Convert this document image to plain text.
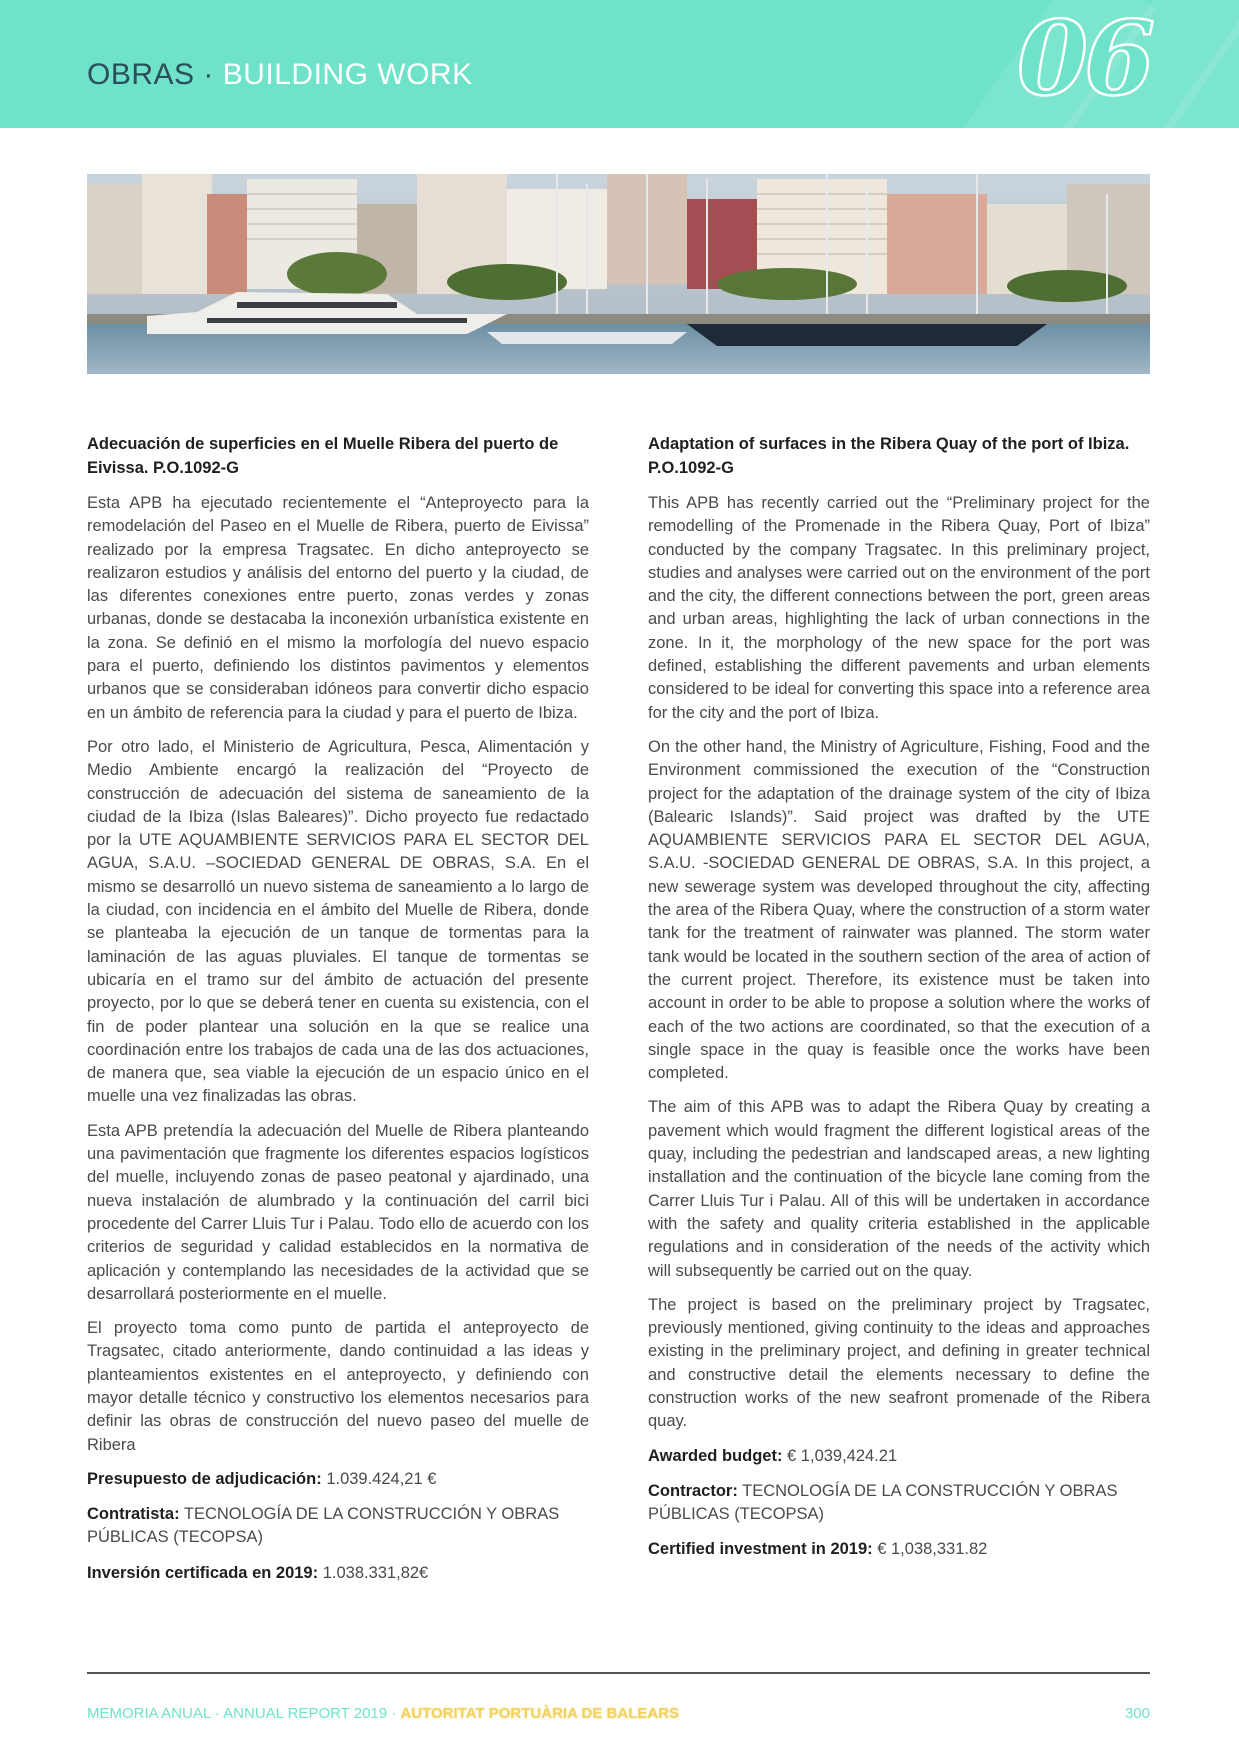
OBRAS · BUILDING WORK	06
Adecuación de superficies en el Muelle Ribera del puerto de Eivissa. P.O.1092-G

Esta APB ha ejecutado recientemente el “Anteproyecto para la remodelación del Paseo en el Muelle de Ribera, puerto de Eivissa” realizado por la empresa Tragsatec. En dicho anteproyecto se realizaron estudios y análisis del entorno del puerto y la ciudad, de las diferentes conexiones entre puerto, zonas verdes y zonas urbanas, donde se destacaba la inconexión urbanística existente en la zona. Se definió en el mismo la morfología del nuevo espacio para el puerto, definiendo los distintos pavimentos y elementos urbanos que se consideraban idóneos para convertir dicho espacio en un ámbito de referencia para la ciudad y para el puerto de Ibiza.

Por otro lado, el Ministerio de Agricultura, Pesca, Alimentación y Medio Ambiente encargó la realización del “Proyecto de construcción de adecuación del sistema de saneamiento de la ciudad de la Ibiza (Islas Baleares)”. Dicho proyecto fue redactado por la UTE AQUAMBIENTE SERVICIOS PARA EL SECTOR DEL AGUA, S.A.U. –SOCIEDAD GENERAL DE OBRAS, S.A. En el mismo se desarrolló un nuevo sistema de saneamiento a lo largo de la ciudad, con incidencia en el ámbito del Muelle de Ribera, donde se planteaba la ejecución de un tanque de tormentas para la laminación de las aguas pluviales. El tanque de tormentas se ubicaría en el tramo sur del ámbito de actuación del presente proyecto, por lo que se deberá tener en cuenta su existencia, con el fin de poder plantear una solución en la que se realice una coordinación entre los trabajos de cada una de las dos actuaciones, de manera que, sea viable la ejecución de un espacio único en el muelle una vez finalizadas las obras.

Esta APB pretendía la adecuación del Muelle de Ribera planteando una pavimentación que fragmente los diferentes espacios logísticos del muelle, incluyendo zonas de paseo peatonal y ajardinado, una nueva instalación de alumbrado y la continuación del carril bici procedente del Carrer Lluis Tur i Palau. Todo ello de acuerdo con los criterios de seguridad y calidad establecidos en la normativa de aplicación y contemplando las necesidades de la actividad que se desarrollará posteriormente en el muelle.

El proyecto toma como punto de partida el anteproyecto de Tragsatec, citado anteriormente, dando continuidad a las ideas y planteamientos existentes en el anteproyecto, y definiendo con mayor detalle técnico y constructivo los elementos necesarios para definir las obras de construcción del nuevo paseo del muelle de Ribera

Presupuesto de adjudicación: 1.039.424,21 €

Contratista: TECNOLOGÍA DE LA CONSTRUCCIÓN Y OBRAS PÚBLICAS (TECOPSA)

Inversión certificada en 2019: 1.038.331,82€

Adaptation of surfaces in the Ribera Quay of the port of Ibiza. P.O.1092-G

This APB has recently carried out the “Preliminary project for the remodelling of the Promenade in the Ribera Quay, Port of Ibiza” conducted by the company Tragsatec. In this preliminary project, studies and analyses were carried out on the environment of the port and the city, the different connections between the port, green areas and urban areas, highlighting the lack of urban connections in the zone. In it, the morphology of the new space for the port was defined, establishing the different pavements and urban elements considered to be ideal for converting this space into a reference area for the city and the port of Ibiza.

On the other hand, the Ministry of Agriculture, Fishing, Food and the Environment commissioned the execution of the “Construction project for the adaptation of the drainage system of the city of Ibiza (Balearic Islands)”. Said project was drafted by the UTE AQUAMBIENTE SERVICIOS PARA EL SECTOR DEL AGUA, S.A.U. -SOCIEDAD GENERAL DE OBRAS, S.A. In this project, a new sewerage system was developed throughout the city, affecting the area of the Ribera Quay, where the construction of a storm water tank for the treatment of rainwater was planned. The storm water tank would be located in the southern section of the area of action of the current project. Therefore, its existence must be taken into account in order to be able to propose a solution where the works of each of the two actions are coordinated, so that the execution of a single space in the quay is feasible once the works have been completed.

The aim of this APB was to adapt the Ribera Quay by creating a pavement which would fragment the different logistical areas of the quay, including the pedestrian and landscaped areas, a new lighting installation and the continuation of the bicycle lane coming from the Carrer Lluis Tur i Palau. All of this will be undertaken in accordance with the safety and quality criteria established in the applicable regulations and in consideration of the needs of the activity which will subsequently be carried out on the quay.

The project is based on the preliminary project by Tragsatec, previously mentioned, giving continuity to the ideas and approaches existing in the preliminary project, and defining in greater technical and constructive detail the elements necessary to define the construction works of the new seafront promenade of the Ribera quay.

Awarded budget: € 1,039,424.21

Contractor: TECNOLOGÍA DE LA CONSTRUCCIÓN Y OBRAS PÚBLICAS (TECOPSA)

Certified investment in 2019: € 1,038,331.82

MEMORIA ANUAL · ANNUAL REPORT 2019 · AUTORITAT PORTUÀRIA DE BALEARS	300
